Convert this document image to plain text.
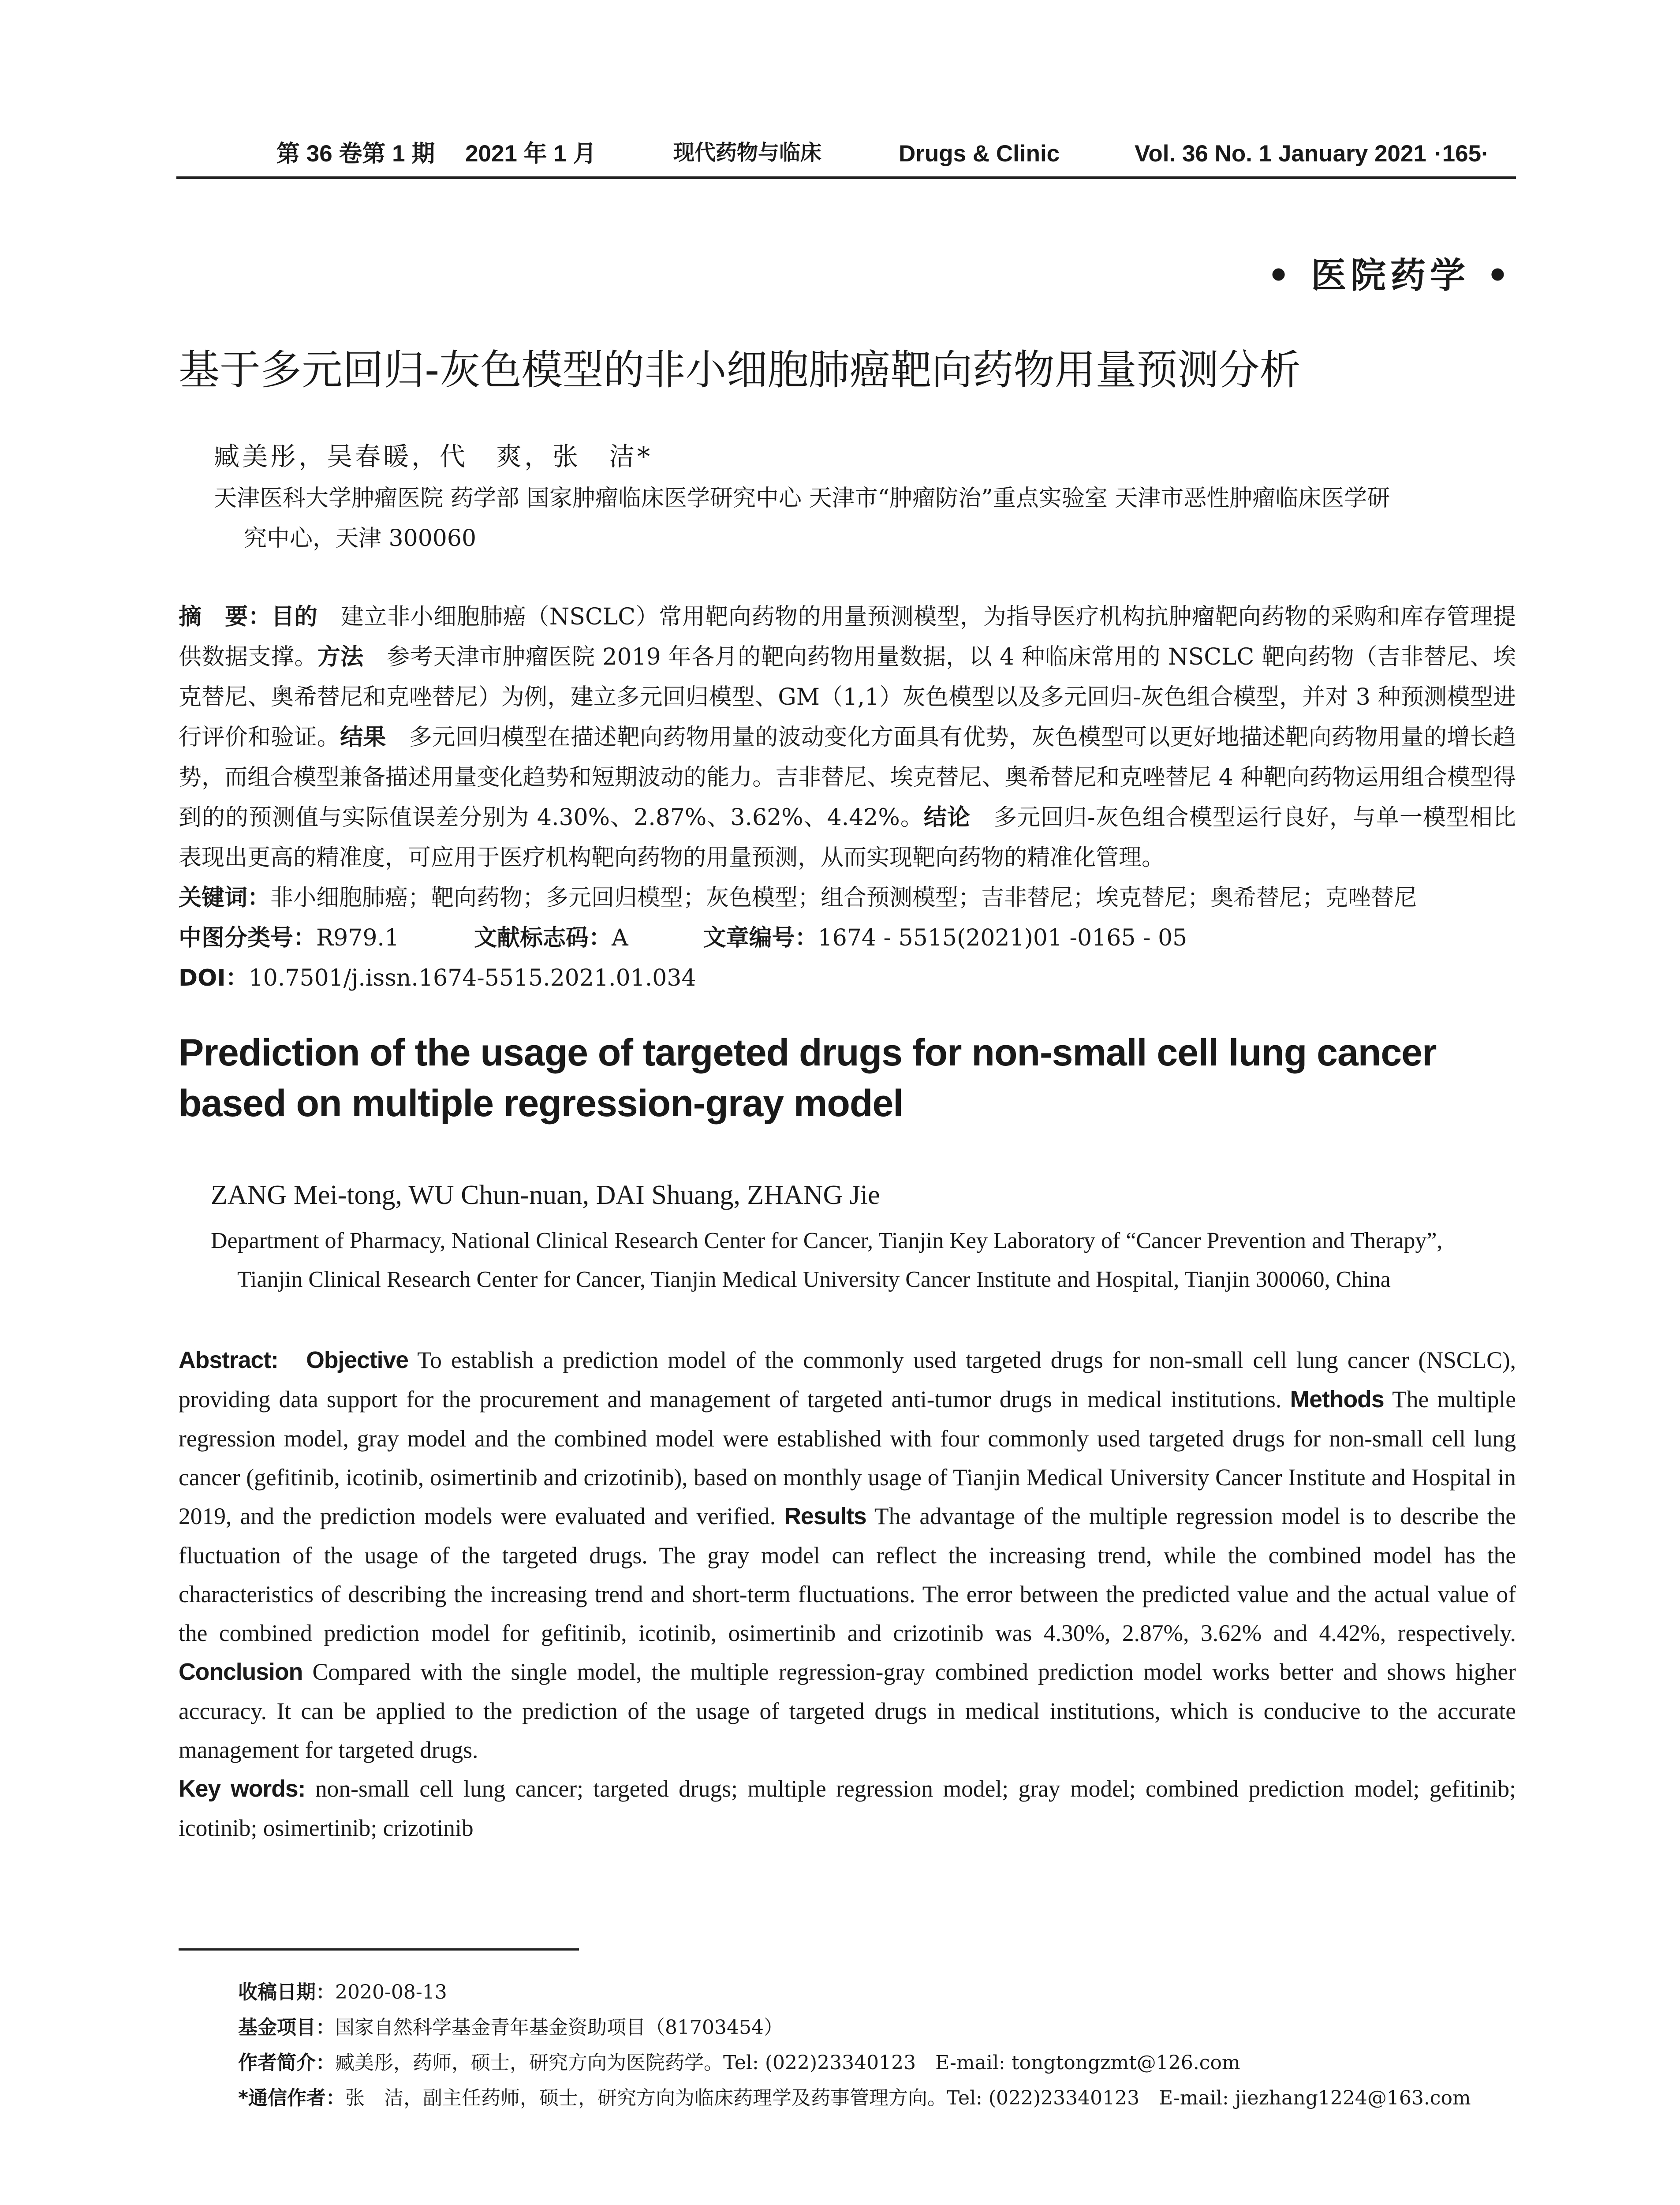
第 36 卷第 1 期 2021 年 1 月	现代药物与临床	Drugs & Clinic	Vol. 36 No. 1 January 2021 ·165·
• 医院药学 •
基于多元回归-灰色模型的非小细胞肺癌靶向药物用量预测分析
臧美彤，吴春暖，代　爽，张　洁*
天津医科大学肿瘤医院 药学部 国家肿瘤临床医学研究中心 天津市“肿瘤防治”重点实验室 天津市恶性肿瘤临床医学研
究中心，天津 300060
摘　要：目的　建立非小细胞肺癌（NSCLC）常用靶向药物的用量预测模型，为指导医疗机构抗肿瘤靶向药物的采购和库存管理提供数据支撑。方法　参考天津市肿瘤医院 2019 年各月的靶向药物用量数据，以 4 种临床常用的 NSCLC 靶向药物（吉非替尼、埃克替尼、奥希替尼和克唑替尼）为例，建立多元回归模型、GM（1,1）灰色模型以及多元回归-灰色组合模型，并对 3 种预测模型进行评价和验证。结果　多元回归模型在描述靶向药物用量的波动变化方面具有优势，灰色模型可以更好地描述靶向药物用量的增长趋势，而组合模型兼备描述用量变化趋势和短期波动的能力。吉非替尼、埃克替尼、奥希替尼和克唑替尼 4 种靶向药物运用组合模型得到的的预测值与实际值误差分别为 4.30%、2.87%、3.62%、4.42%。结论　多元回归-灰色组合模型运行良好，与单一模型相比表现出更高的精准度，可应用于医疗机构靶向药物的用量预测，从而实现靶向药物的精准化管理。
关键词：非小细胞肺癌；靶向药物；多元回归模型；灰色模型；组合预测模型；吉非替尼；埃克替尼；奥希替尼；克唑替尼
中图分类号：R979.1	文献标志码：A	文章编号：1674 - 5515(2021)01 -0165 - 05
DOI：10.7501/j.issn.1674-5515.2021.01.034
Prediction of the usage of targeted drugs for non-small cell lung cancer based on multiple regression-gray model
ZANG Mei-tong, WU Chun-nuan, DAI Shuang, ZHANG Jie
Department of Pharmacy, National Clinical Research Center for Cancer, Tianjin Key Laboratory of “Cancer Prevention and Therapy”,
Tianjin Clinical Research Center for Cancer, Tianjin Medical University Cancer Institute and Hospital, Tianjin 300060, China
Abstract: Objective To establish a prediction model of the commonly used targeted drugs for non-small cell lung cancer (NSCLC), providing data support for the procurement and management of targeted anti-tumor drugs in medical institutions. Methods The multiple regression model, gray model and the combined model were established with four commonly used targeted drugs for non-small cell lung cancer (gefitinib, icotinib, osimertinib and crizotinib), based on monthly usage of Tianjin Medical University Cancer Institute and Hospital in 2019, and the prediction models were evaluated and verified. Results The advantage of the multiple regression model is to describe the fluctuation of the usage of the targeted drugs. The gray model can reflect the increasing trend, while the combined model has the characteristics of describing the increasing trend and short-term fluctuations. The error between the predicted value and the actual value of the combined prediction model for gefitinib, icotinib, osimertinib and crizotinib was 4.30%, 2.87%, 3.62% and 4.42%, respectively. Conclusion Compared with the single model, the multiple regression-gray combined prediction model works better and shows higher accuracy. It can be applied to the prediction of the usage of targeted drugs in medical institutions, which is conducive to the accurate management for targeted drugs.
Key words: non-small cell lung cancer; targeted drugs; multiple regression model; gray model; combined prediction model; gefitinib; icotinib; osimertinib; crizotinib
收稿日期：2020-08-13
基金项目：国家自然科学基金青年基金资助项目（81703454）
作者简介：臧美彤，药师，硕士，研究方向为医院药学。Tel: (022)23340123　E-mail: tongtongzmt@126.com
*通信作者：张　洁，副主任药师，硕士，研究方向为临床药理学及药事管理方向。Tel: (022)23340123　E-mail: jiezhang1224@163.com
